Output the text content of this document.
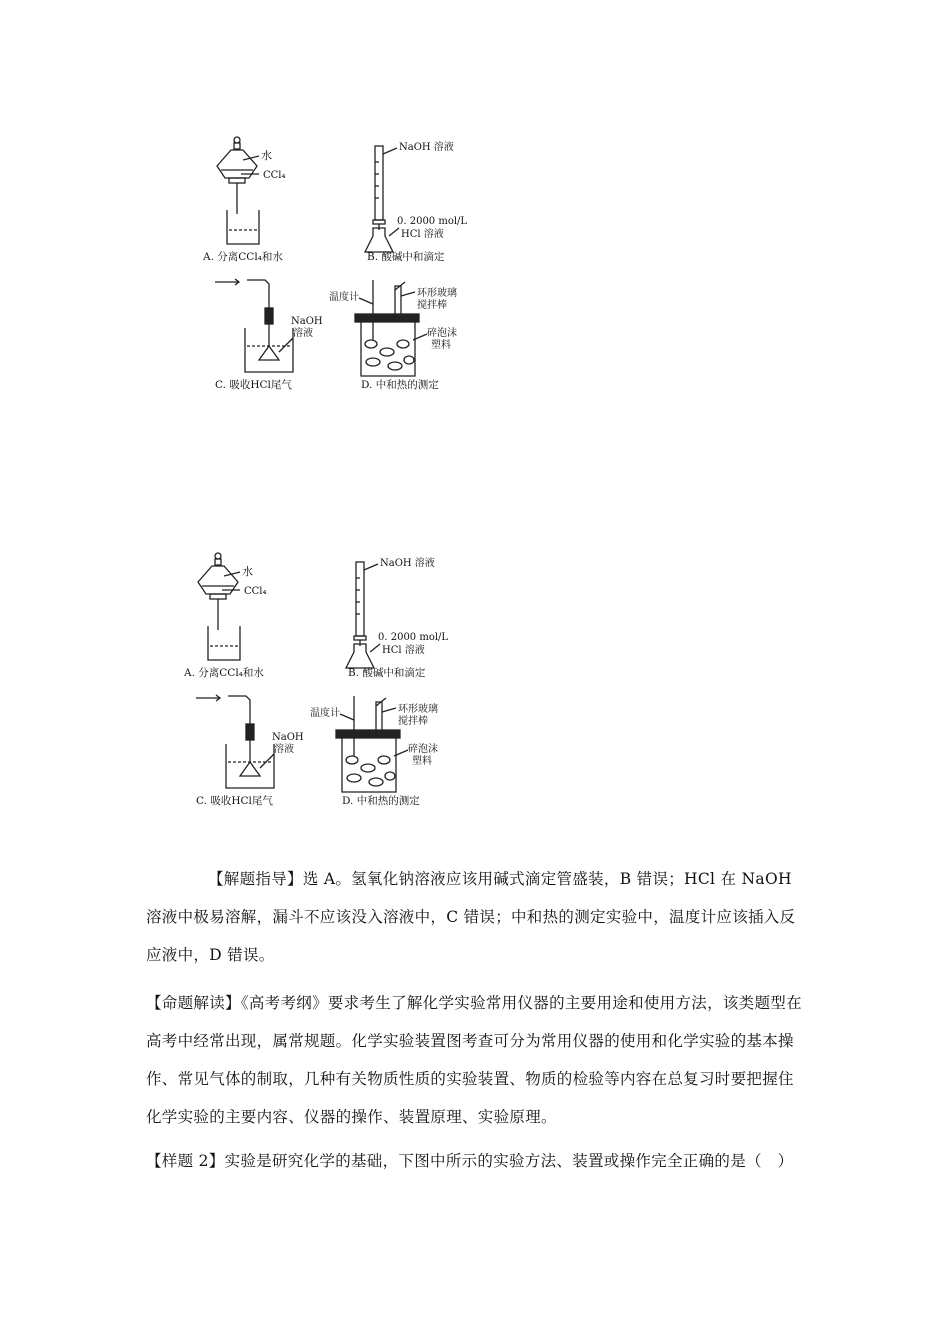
水
CCl₄
A. 分离CCl₄和水
NaOH 溶液
0. 2000 mol/L
HCl 溶液
B. 酸碱中和滴定
NaOH
溶液
C. 吸收HCl尾气
温度计	环形玻璃
搅拌棒
碎泡沫
塑料
D. 中和热的测定
水
CCl₄
A. 分离CCl₄和水
NaOH 溶液
0. 2000 mol/L
HCl 溶液
B. 酸碱中和滴定
NaOH
溶液
C. 吸收HCl尾气
温度计	环形玻璃
搅拌棒
碎泡沫
塑料
D. 中和热的测定

【解题指导】选 A。氢氧化钠溶液应该用碱式滴定管盛装，B 错误；HCl 在 NaOH 溶液中极易溶解，漏斗不应该没入溶液中，C 错误；中和热的测定实验中，温度计应该插入反应液中，D 错误。

【命题解读】《高考考纲》要求考生了解化学实验常用仪器的主要用途和使用方法，该类题型在高考中经常出现，属常规题。化学实验装置图考查可分为常用仪器的使用和化学实验的基本操作、常见气体的制取，几种有关物质性质的实验装置、物质的检验等内容在总复习时要把握住化学实验的主要内容、仪器的操作、装置原理、实验原理。

【样题 2】实验是研究化学的基础，下图中所示的实验方法、装置或操作完全正确的是（　）
